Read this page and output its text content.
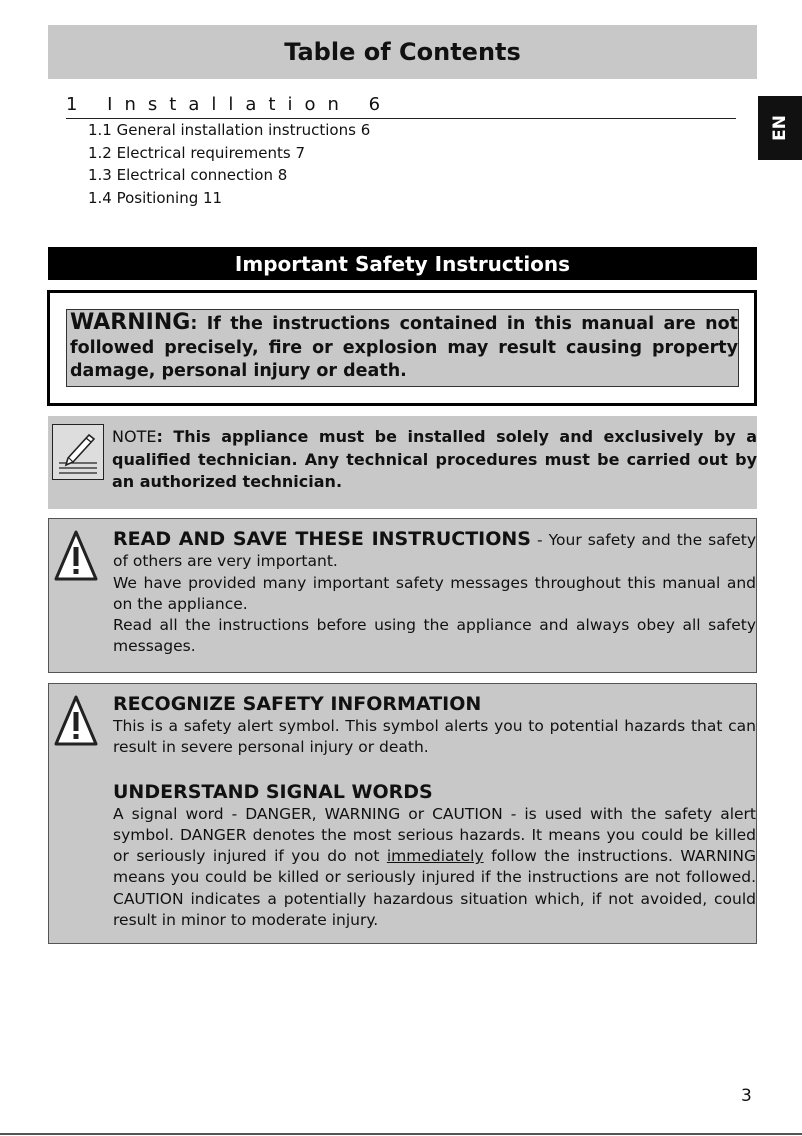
Table of Contents
1 Installation 6
1.1 General installation instructions 6
1.2 Electrical requirements 7
1.3 Electrical connection 8
1.4 Positioning 11
EN
Important Safety Instructions
WARNING: If the instructions contained in this manual are not followed precisely, fire or explosion may result causing property damage, personal injury or death.
NOTE: This appliance must be installed solely and exclusively by a qualified technician. Any technical procedures must be carried out by an authorized technician.

READ AND SAVE THESE INSTRUCTIONS - Your safety and the safety of others are very important.

We have provided many important safety messages throughout this manual and on the appliance.

Read all the instructions before using the appliance and always obey all safety messages.

RECOGNIZE SAFETY INFORMATION

This is a safety alert symbol. This symbol alerts you to potential hazards that can result in severe personal injury or death.

UNDERSTAND SIGNAL WORDS

A signal word - DANGER, WARNING or CAUTION - is used with the safety alert symbol. DANGER denotes the most serious hazards. It means you could be killed or seriously injured if you do not immediately follow the instructions. WARNING means you could be killed or seriously injured if the instructions are not followed. CAUTION indicates a potentially hazardous situation which, if not avoided, could result in minor to moderate injury.

3
